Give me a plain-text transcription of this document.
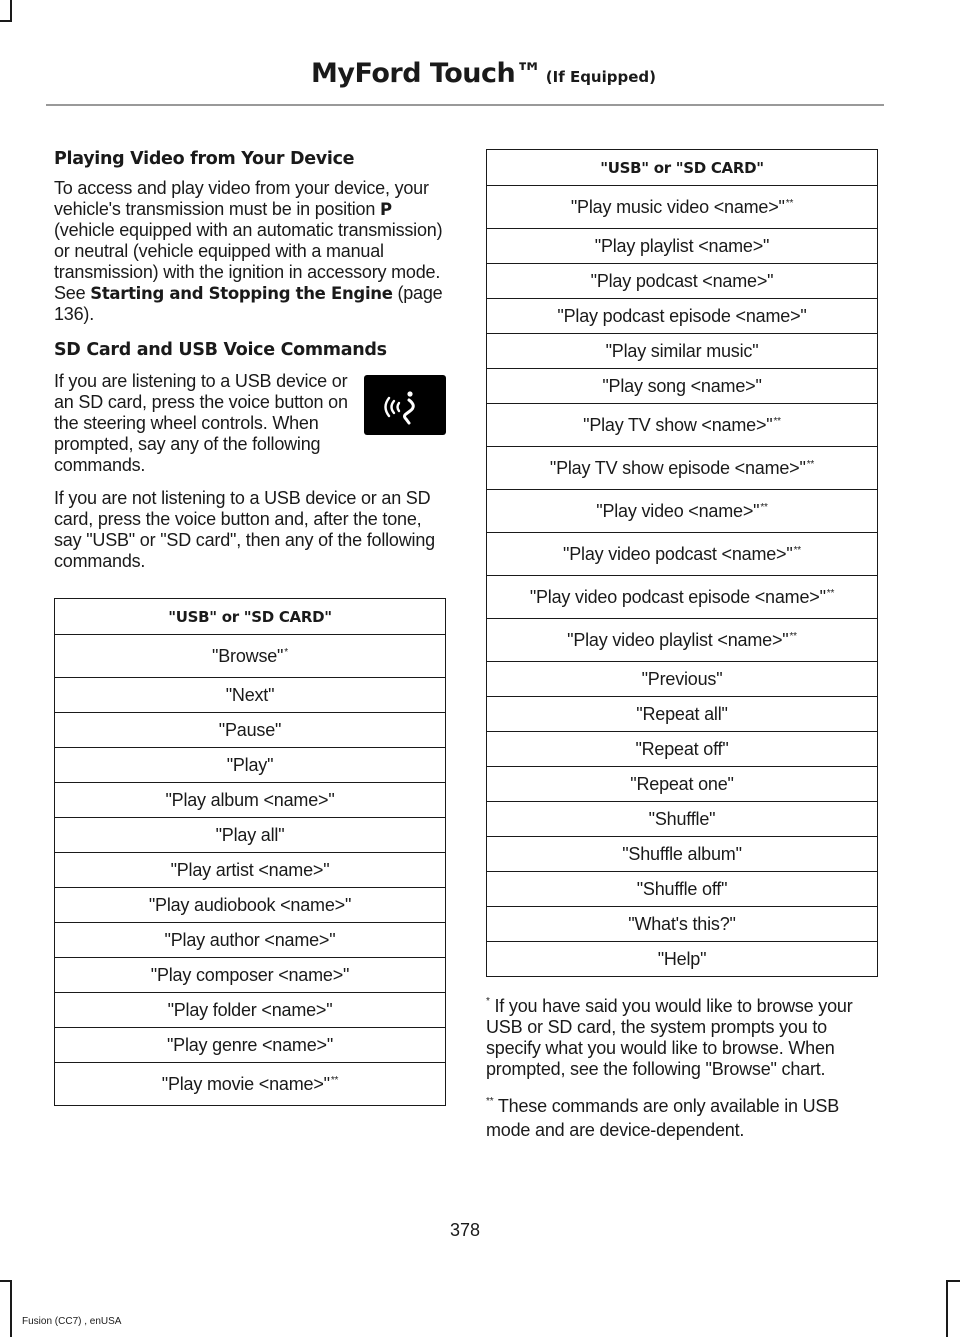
MyFord Touch™ (If Equipped)
Playing Video from Your Device

To access and play video from your device, your vehicle's transmission must be in position P (vehicle equipped with an automatic transmission) or neutral (vehicle equipped with a manual transmission) with the ignition in accessory mode. See Starting and Stopping the Engine (page 136).

SD Card and USB Voice Commands

If you are listening to a USB device or an SD card, press the voice button on the steering wheel controls. When prompted, say any of the following commands.

If you are not listening to a USB device or an SD card, press the voice button and, after the tone, say "USB" or "SD card", then any of the following commands.

"USB" or "SD CARD"
"Browse"*
"Next"
"Pause"
"Play"
"Play album <name>"
"Play all"
"Play artist <name>"
"Play audiobook <name>"
"Play author <name>"
"Play composer <name>"
"Play folder <name>"
"Play genre <name>"
"Play movie <name>"**
"USB" or "SD CARD"
"Play music video <name>"**
"Play playlist <name>"
"Play podcast <name>"
"Play podcast episode <name>"
"Play similar music"
"Play song <name>"
"Play TV show <name>"**
"Play TV show episode <name>"**
"Play video <name>"**
"Play video podcast <name>"**
"Play video podcast episode <name>"**
"Play video playlist <name>"**
"Previous"
"Repeat all"
"Repeat off"
"Repeat one"
"Shuffle"
"Shuffle album"
"Shuffle off"
"What's this?"
"Help"

* If you have said you would like to browse your USB or SD card, the system prompts you to specify what you would like to browse. When prompted, see the following "Browse" chart.

** These commands are only available in USB mode and are device-dependent.

378
Fusion (CC7) , enUSA
